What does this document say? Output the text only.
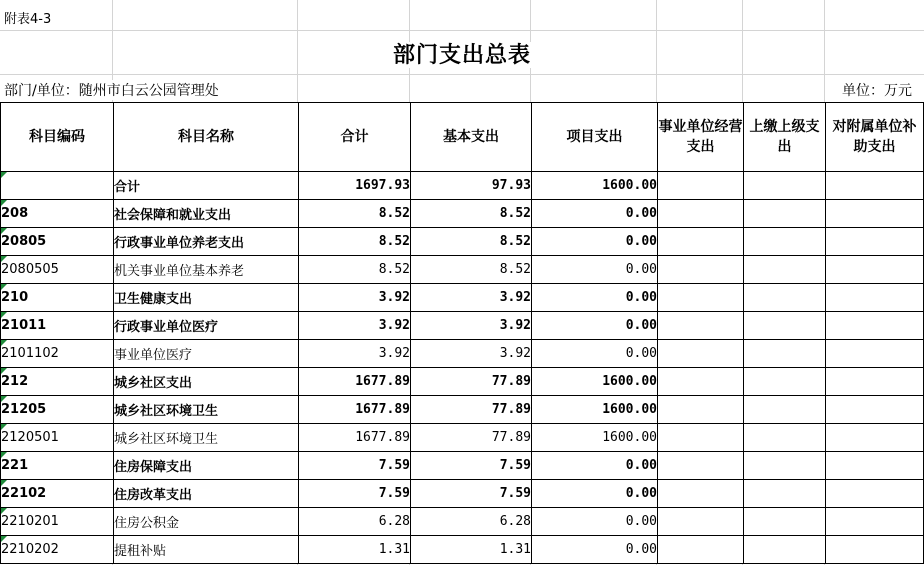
附表4-3
部门支出总表
部门/单位：随州市白云公园管理处	单位：万元
科目编码	科目名称	合计	基本支出	项目支出	事业单位经营支出	上缴上级支出	对附属单位补助支出

	合计	1697.93	97.93	1600.00			
208	社会保障和就业支出	8.52	8.52	0.00			
20805	行政事业单位养老支出	8.52	8.52	0.00			
2080505	机关事业单位基本养老	8.52	8.52	0.00			
210	卫生健康支出	3.92	3.92	0.00			
21011	行政事业单位医疗	3.92	3.92	0.00			
2101102	事业单位医疗	3.92	3.92	0.00			
212	城乡社区支出	1677.89	77.89	1600.00			
21205	城乡社区环境卫生	1677.89	77.89	1600.00			
2120501	城乡社区环境卫生	1677.89	77.89	1600.00			
221	住房保障支出	7.59	7.59	0.00			
22102	住房改革支出	7.59	7.59	0.00			
2210201	住房公积金	6.28	6.28	0.00			
2210202	提租补贴	1.31	1.31	0.00			
